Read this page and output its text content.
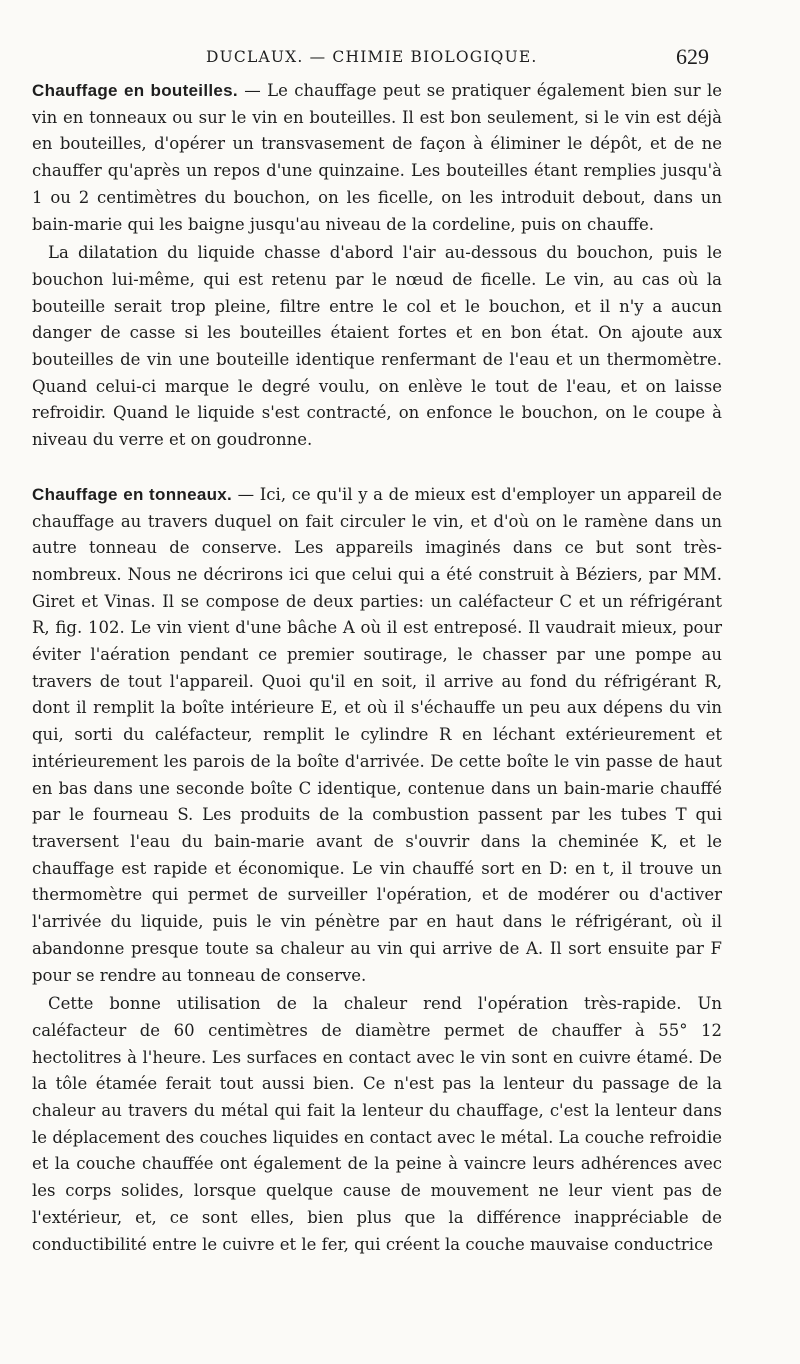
DUCLAUX. — CHIMIE BIOLOGIQUE.	629

Chauffage en bouteilles. — Le chauffage peut se pratiquer également bien sur le vin en tonneaux ou sur le vin en bouteilles. Il est bon seulement, si le vin est déjà en bouteilles, d'opérer un transvasement de façon à éliminer le dépôt, et de ne chauffer qu'après un repos d'une quinzaine. Les bouteilles étant remplies jusqu'à 1 ou 2 centimètres du bouchon, on les ficelle, on les introduit debout, dans un bain-marie qui les baigne jusqu'au niveau de la cordeline, puis on chauffe.

La dilatation du liquide chasse d'abord l'air au-dessous du bouchon, puis le bouchon lui-même, qui est retenu par le nœud de ficelle. Le vin, au cas où la bouteille serait trop pleine, filtre entre le col et le bouchon, et il n'y a aucun danger de casse si les bouteilles étaient fortes et en bon état. On ajoute aux bouteilles de vin une bouteille identique renfermant de l'eau et un thermomètre. Quand celui-ci marque le degré voulu, on enlève le tout de l'eau, et on laisse refroidir. Quand le liquide s'est contracté, on enfonce le bouchon, on le coupe à niveau du verre et on goudronne.

Chauffage en tonneaux. — Ici, ce qu'il y a de mieux est d'employer un appareil de chauffage au travers duquel on fait circuler le vin, et d'où on le ramène dans un autre tonneau de conserve. Les appareils imaginés dans ce but sont très-nombreux. Nous ne décrirons ici que celui qui a été construit à Béziers, par MM. Giret et Vinas. Il se compose de deux parties: un caléfacteur C et un réfrigérant R, fig. 102. Le vin vient d'une bâche A où il est entreposé. Il vaudrait mieux, pour éviter l'aération pendant ce premier soutirage, le chasser par une pompe au travers de tout l'appareil. Quoi qu'il en soit, il arrive au fond du réfrigérant R, dont il remplit la boîte intérieure E, et où il s'échauffe un peu aux dépens du vin qui, sorti du caléfacteur, remplit le cylindre R en léchant extérieurement et intérieurement les parois de la boîte d'arrivée. De cette boîte le vin passe de haut en bas dans une seconde boîte C identique, contenue dans un bain-marie chauffé par le fourneau S. Les produits de la combustion passent par les tubes T qui traversent l'eau du bain-marie avant de s'ouvrir dans la cheminée K, et le chauffage est rapide et économique. Le vin chauffé sort en D: en t, il trouve un thermomètre qui permet de surveiller l'opération, et de modérer ou d'activer l'arrivée du liquide, puis le vin pénètre par en haut dans le réfrigérant, où il abandonne presque toute sa chaleur au vin qui arrive de A. Il sort ensuite par F pour se rendre au tonneau de conserve.

Cette bonne utilisation de la chaleur rend l'opération très-rapide. Un caléfacteur de 60 centimètres de diamètre permet de chauffer à 55° 12 hectolitres à l'heure. Les surfaces en contact avec le vin sont en cuivre étamé. De la tôle étamée ferait tout aussi bien. Ce n'est pas la lenteur du passage de la chaleur au travers du métal qui fait la lenteur du chauffage, c'est la lenteur dans le déplacement des couches liquides en contact avec le métal. La couche refroidie et la couche chauffée ont également de la peine à vaincre leurs adhérences avec les corps solides, lorsque quelque cause de mouvement ne leur vient pas de l'extérieur, et, ce sont elles, bien plus que la différence inappréciable de conductibilité entre le cuivre et le fer, qui créent la couche mauvaise conductrice
